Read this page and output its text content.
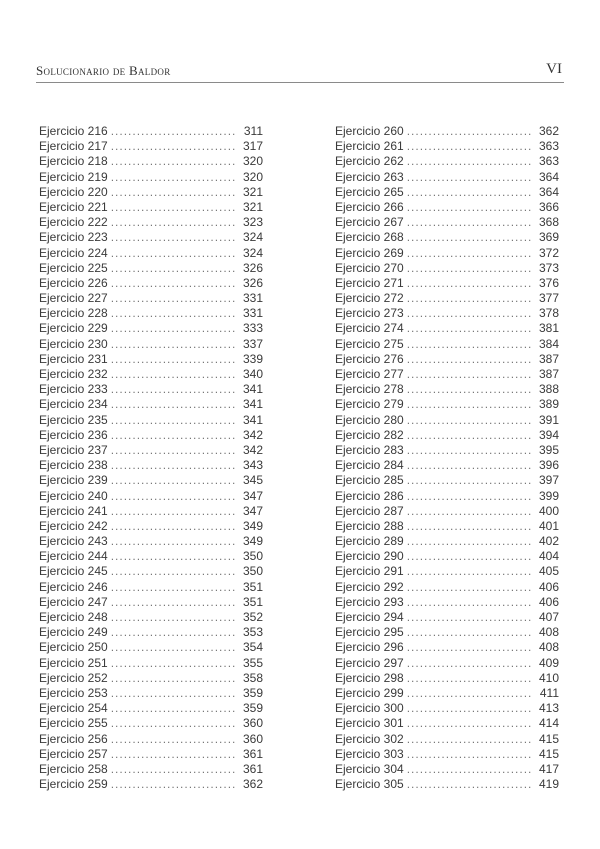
Solucionario de Baldor	VI
Ejercicio 216 .....	311
Ejercicio 217 .....	317
Ejercicio 218 .....	320
Ejercicio 219 .....	320
Ejercicio 220 .....	321
Ejercicio 221 .....	321
Ejercicio 222 .....	323
Ejercicio 223 .....	324
Ejercicio 224 .....	324
Ejercicio 225 .....	326
Ejercicio 226 .....	326
Ejercicio 227 .....	331
Ejercicio 228 .....	331
Ejercicio 229 .....	333
Ejercicio 230 .....	337
Ejercicio 231 .....	339
Ejercicio 232 .....	340
Ejercicio 233 .....	341
Ejercicio 234 .....	341
Ejercicio 235 .....	341
Ejercicio 236 .....	342
Ejercicio 237 .....	342
Ejercicio 238 .....	343
Ejercicio 239 .....	345
Ejercicio 240 .....	347
Ejercicio 241 .....	347
Ejercicio 242 .....	349
Ejercicio 243 .....	349
Ejercicio 244 .....	350
Ejercicio 245 .....	350
Ejercicio 246 .....	351
Ejercicio 247 .....	351
Ejercicio 248 .....	352
Ejercicio 249 .....	353
Ejercicio 250 .....	354
Ejercicio 251 .....	355
Ejercicio 252 .....	358
Ejercicio 253 .....	359
Ejercicio 254 .....	359
Ejercicio 255 .....	360
Ejercicio 256 .....	360
Ejercicio 257 .....	361
Ejercicio 258 .....	361
Ejercicio 259 .....	362
Ejercicio 260 .....	362
Ejercicio 261 .....	363
Ejercicio 262 .....	363
Ejercicio 263 .....	364
Ejercicio 265 .....	364
Ejercicio 266 .....	366
Ejercicio 267 .....	368
Ejercicio 268 .....	369
Ejercicio 269 .....	372
Ejercicio 270 .....	373
Ejercicio 271 .....	376
Ejercicio 272 .....	377
Ejercicio 273 .....	378
Ejercicio 274 .....	381
Ejercicio 275 .....	384
Ejercicio 276 .....	387
Ejercicio 277 .....	387
Ejercicio 278 .....	388
Ejercicio 279 .....	389
Ejercicio 280 .....	391
Ejercicio 282 .....	394
Ejercicio 283 .....	395
Ejercicio 284 .....	396
Ejercicio 285 .....	397
Ejercicio 286 .....	399
Ejercicio 287 .....	400
Ejercicio 288 .....	401
Ejercicio 289 .....	402
Ejercicio 290 .....	404
Ejercicio 291 .....	405
Ejercicio 292 .....	406
Ejercicio 293 .....	406
Ejercicio 294 .....	407
Ejercicio 295 .....	408
Ejercicio 296 .....	408
Ejercicio 297 .....	409
Ejercicio 298 .....	410
Ejercicio 299 .....	411
Ejercicio 300 .....	413
Ejercicio 301 .....	414
Ejercicio 302 .....	415
Ejercicio 303 .....	415
Ejercicio 304 .....	417
Ejercicio 305 .....	419
